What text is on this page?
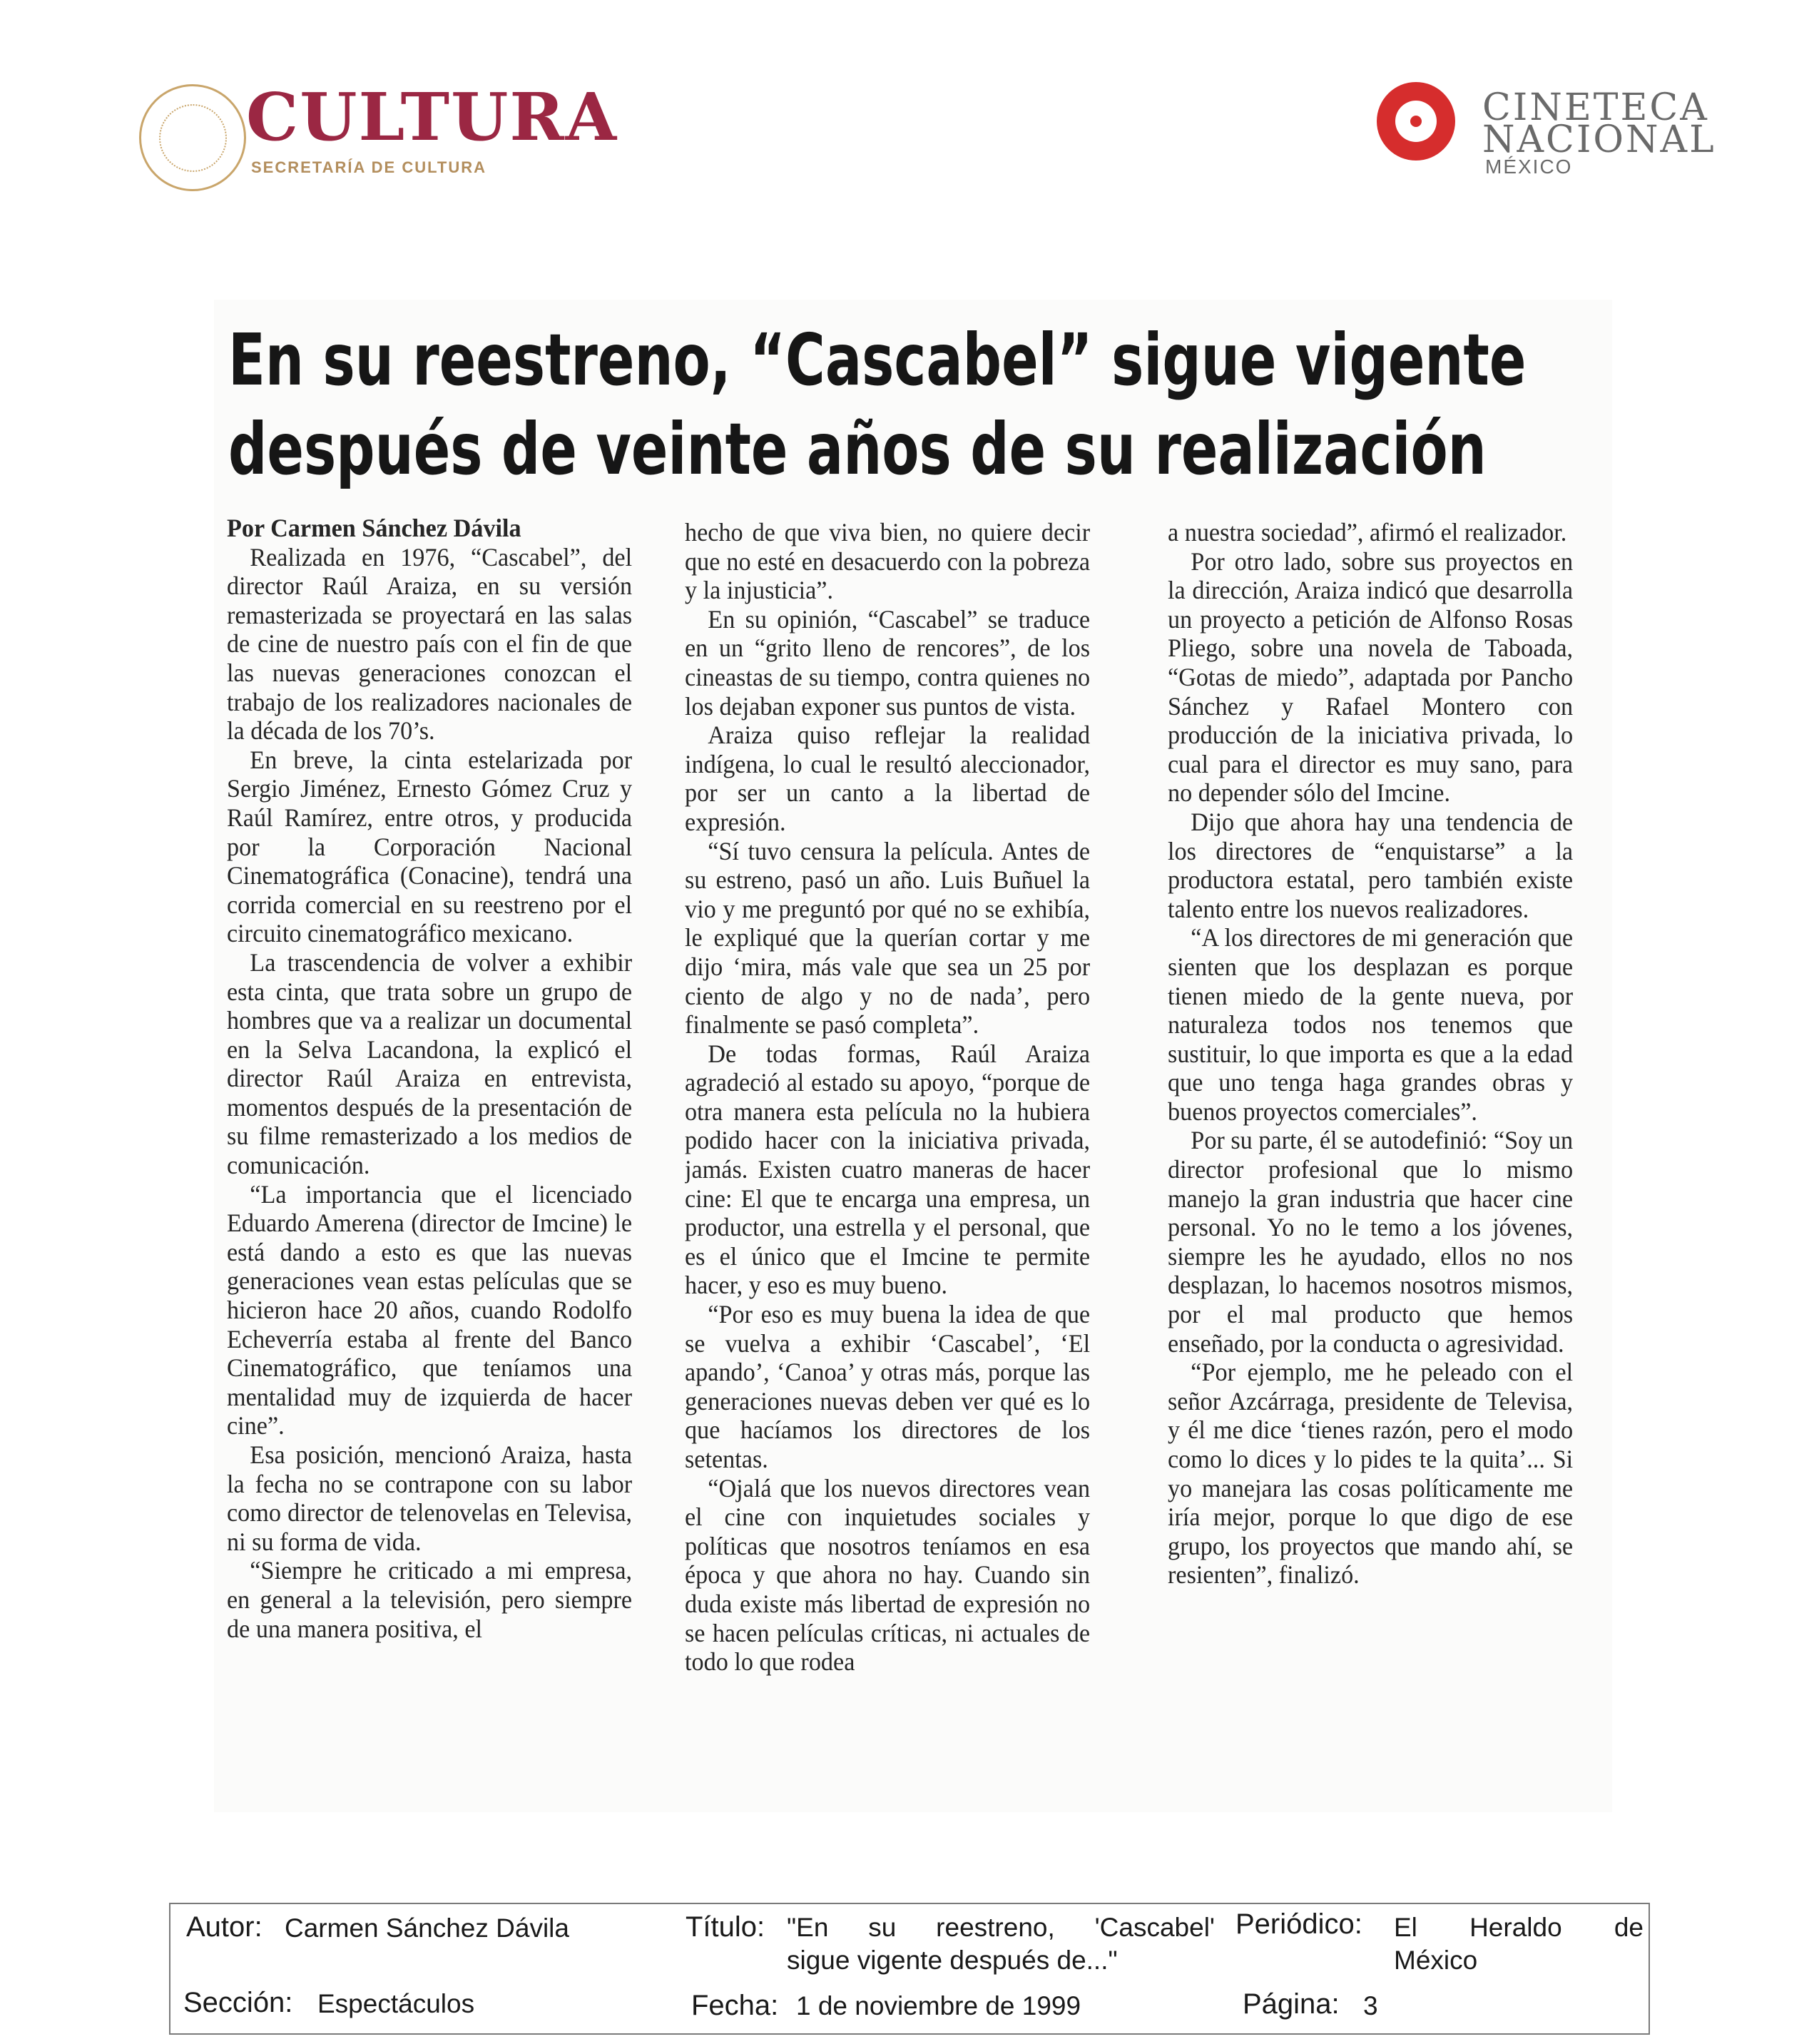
CULTURA
SECRETARÍA DE CULTURA
CINETECA
NACIONAL
MÉXICO
En su reestreno, “Cascabel” sigue vigente
después de veinte años de su realización
Por Carmen Sánchez Dávila

Realizada en 1976, “Cascabel”, del director Raúl Araiza, en su versión remasterizada se proyectará en las salas de cine de nuestro país con el fin de que las nuevas generaciones conozcan el trabajo de los realizadores nacionales de la década de los 70’s.

En breve, la cinta estelarizada por Sergio Jiménez, Ernesto Gómez Cruz y Raúl Ramírez, entre otros, y producida por la Corporación Nacional Cinematográfica (Conacine), tendrá una corrida comercial en su reestreno por el circuito cinematográfico mexicano.

La trascendencia de volver a exhibir esta cinta, que trata sobre un grupo de hombres que va a realizar un documental en la Selva Lacandona, la explicó el director Raúl Araiza en entrevista, momentos después de la presentación de su filme remasterizado a los medios de comunicación.

“La importancia que el licenciado Eduardo Amerena (director de Imcine) le está dando a esto es que las nuevas generaciones vean estas películas que se hicieron hace 20 años, cuando Rodolfo Echeverría estaba al frente del Banco Cinematográfico, que teníamos una mentalidad muy de izquierda de hacer cine”.

Esa posición, mencionó Araiza, hasta la fecha no se contrapone con su labor como director de telenovelas en Televisa, ni su forma de vida.

“Siempre he criticado a mi empresa, en general a la televisión, pero siempre de una manera positiva, el

hecho de que viva bien, no quiere decir que no esté en desacuerdo con la pobreza y la injusticia”.

En su opinión, “Cascabel” se traduce en un “grito lleno de rencores”, de los cineastas de su tiempo, contra quienes no los dejaban exponer sus puntos de vista.

Araiza quiso reflejar la realidad indígena, lo cual le resultó aleccionador, por ser un canto a la libertad de expresión.

“Sí tuvo censura la película. Antes de su estreno, pasó un año. Luis Buñuel la vio y me preguntó por qué no se exhibía, le expliqué que la querían cortar y me dijo ‘mira, más vale que sea un 25 por ciento de algo y no de nada’, pero finalmente se pasó completa”.

De todas formas, Raúl Araiza agradeció al estado su apoyo, “porque de otra manera esta película no la hubiera podido hacer con la iniciativa privada, jamás. Existen cuatro maneras de hacer cine: El que te encarga una empresa, un productor, una estrella y el personal, que es el único que el Imcine te permite hacer, y eso es muy bueno.

“Por eso es muy buena la idea de que se vuelva a exhibir ‘Cascabel’, ‘El apando’, ‘Canoa’ y otras más, porque las generaciones nuevas deben ver qué es lo que hacíamos los directores de los setentas.

“Ojalá que los nuevos directores vean el cine con inquietudes sociales y políticas que nosotros teníamos en esa época y que ahora no hay. Cuando sin duda existe más libertad de expresión no se hacen películas críticas, ni actuales de todo lo que rodea

a nuestra sociedad”, afirmó el realizador.

Por otro lado, sobre sus proyectos en la dirección, Araiza indicó que desarrolla un proyecto a petición de Alfonso Rosas Pliego, sobre una novela de Taboada, “Gotas de miedo”, adaptada por Pancho Sánchez y Rafael Montero con producción de la iniciativa privada, lo cual para el director es muy sano, para no depender sólo del Imcine.

Dijo que ahora hay una tendencia de los directores de “enquistarse” a la productora estatal, pero también existe talento entre los nuevos realizadores.

“A los directores de mi generación que sienten que los desplazan es porque tienen miedo de la gente nueva, por naturaleza todos nos tenemos que sustituir, lo que importa es que a la edad que uno tenga haga grandes obras y buenos proyectos comerciales”.

Por su parte, él se autodefinió: “Soy un director profesional que lo mismo manejo la gran industria que hacer cine personal. Yo no le temo a los jóvenes, siempre les he ayudado, ellos no nos desplazan, lo hacemos nosotros mismos, por el mal producto que hemos enseñado, por la conducta o agresividad.

“Por ejemplo, me he peleado con el señor Azcárraga, presidente de Televisa, y él me dice ‘tienes razón, pero el modo como lo dices y lo pides te la quita’... Si yo manejara las cosas políticamente me iría mejor, porque lo que digo de ese grupo, los proyectos que mando ahí, se resienten”, finalizó.

Autor: Carmen Sánchez Dávila	Título: "En su reestreno, 'Cascabel'
sigue vigente después de..."
Periódico: El Heraldo de
México
Sección: Espectáculos	Fecha: 1 de noviembre de 1999	Página: 3
